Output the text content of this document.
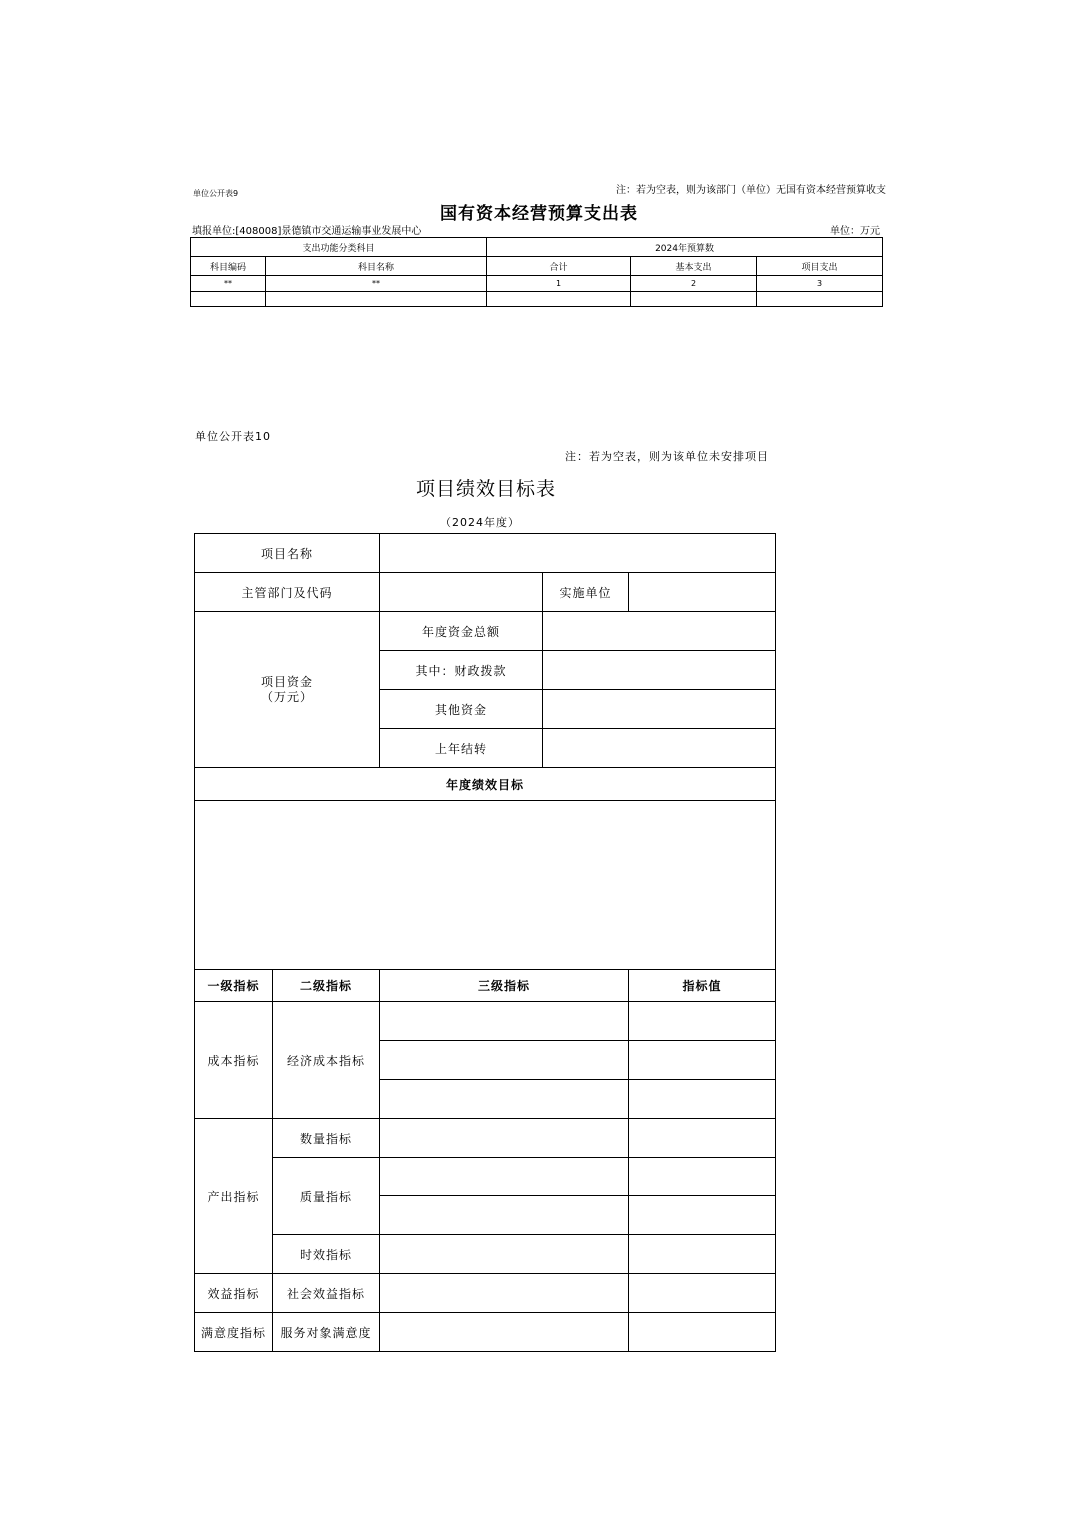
单位公开表9	注：若为空表，则为该部门（单位）无国有资本经营预算收支
国有资本经营预算支出表
填报单位:[408008]景德镇市交通运输事业发展中心	单位：万元
支出功能分类科目		2024年预算数		
科目编码	科目名称	合计	基本支出	项目支出
**	**	1	2	3

单位公开表10
注：若为空表，则为该单位未安排项目
项目绩效目标表
（2024年度）
项目名称				
主管部门及代码			实施单位	

项目资金
（万元）		年度资金总额		
		其中：财政拨款		
		其他资金		
		上年结转		
年度绩效目标				

一级指标	二级指标	三级指标		指标值
成本指标	经济成本指标			

产出指标	数量指标			
	质量指标			

	时效指标			
效益指标	社会效益指标			
满意度指标	服务对象满意度			
